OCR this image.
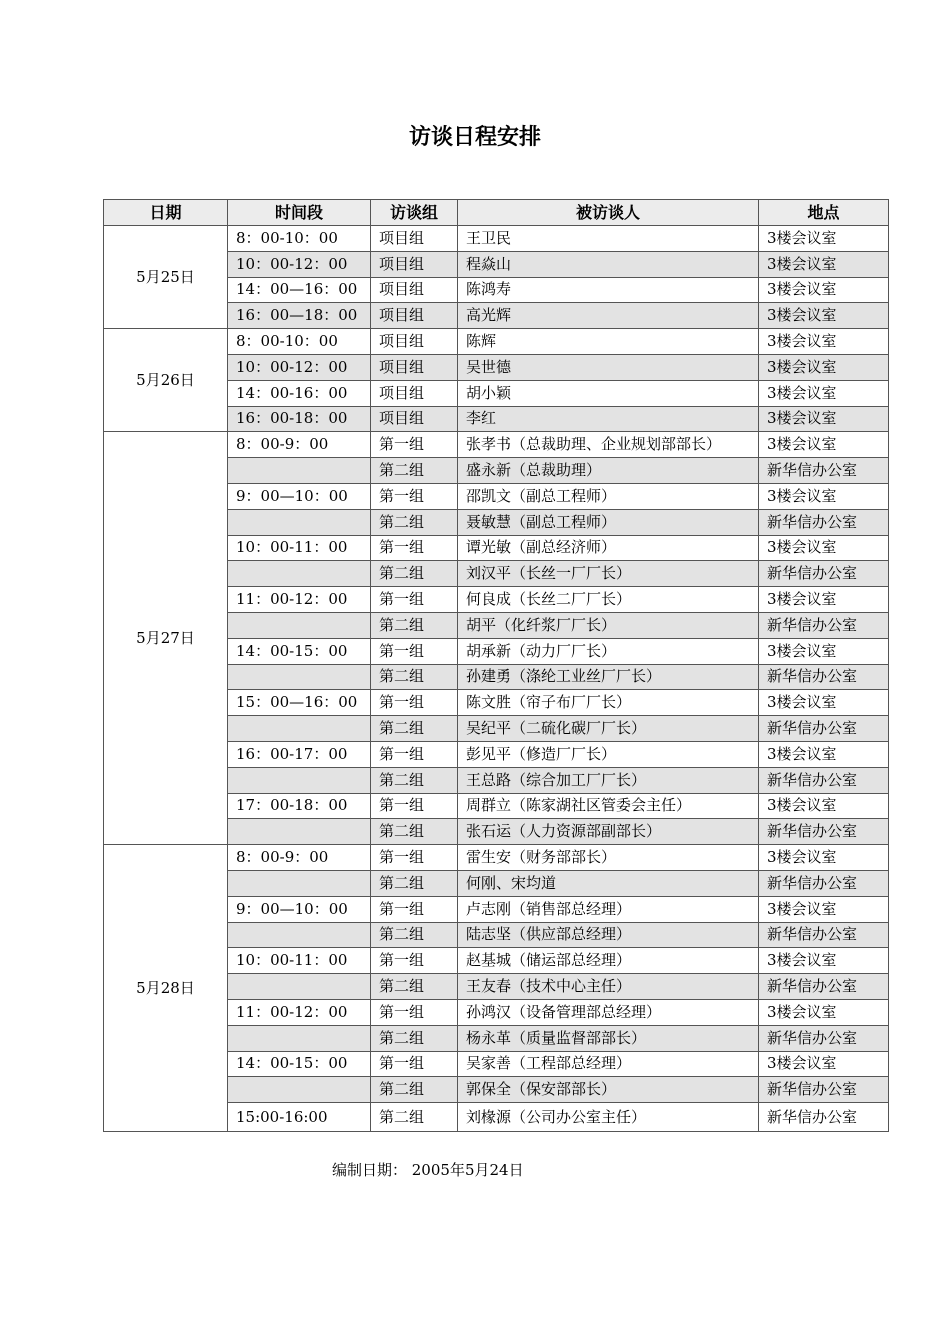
访谈日程安排
日期	时间段	访谈组	被访谈人	地点
5月25日	8：00-10：00	项目组	王卫民	3楼会议室
	10：00-12：00	项目组	程焱山	3楼会议室
	14：00—16：00	项目组	陈鸿寿	3楼会议室
	16：00—18：00	项目组	高光辉	3楼会议室
5月26日	8：00-10：00	项目组	陈辉	3楼会议室
	10：00-12：00	项目组	吴世德	3楼会议室
	14：00-16：00	项目组	胡小颖	3楼会议室
	16：00-18：00	项目组	李红	3楼会议室
5月27日	8：00-9：00	第一组	张孝书（总裁助理、企业规划部部长）	3楼会议室
		第二组	盛永新（总裁助理）	新华信办公室
	9：00—10：00	第一组	邵凯文（副总工程师）	3楼会议室
		第二组	聂敏慧（副总工程师）	新华信办公室
	10：00-11：00	第一组	谭光敏（副总经济师）	3楼会议室
		第二组	刘汉平（长丝一厂厂长）	新华信办公室
	11：00-12：00	第一组	何良成（长丝二厂厂长）	3楼会议室
		第二组	胡平（化纤浆厂厂长）	新华信办公室
	14：00-15：00	第一组	胡承新（动力厂厂长）	3楼会议室
		第二组	孙建勇（涤纶工业丝厂厂长）	新华信办公室
	15：00—16：00	第一组	陈文胜（帘子布厂厂长）	3楼会议室
		第二组	吴纪平（二硫化碳厂厂长）	新华信办公室
	16：00-17：00	第一组	彭见平（修造厂厂长）	3楼会议室
		第二组	王总路（综合加工厂厂长）	新华信办公室
	17：00-18：00	第一组	周群立（陈家湖社区管委会主任）	3楼会议室
		第二组	张石运（人力资源部副部长）	新华信办公室
5月28日	8：00-9：00	第一组	雷生安（财务部部长）	3楼会议室
		第二组	何刚、宋均道	新华信办公室
	9：00—10：00	第一组	卢志刚（销售部总经理）	3楼会议室
		第二组	陆志坚（供应部总经理）	新华信办公室
	10：00-11：00	第一组	赵基城（储运部总经理）	3楼会议室
		第二组	王友春（技术中心主任）	新华信办公室
	11：00-12：00	第一组	孙鸿汉（设备管理部总经理）	3楼会议室
		第二组	杨永革（质量监督部部长）	新华信办公室
	14：00-15：00	第一组	吴家善（工程部总经理）	3楼会议室
		第二组	郭保全（保安部部长）	新华信办公室
	15:00-16:00	第二组	刘椽源（公司办公室主任）	新华信办公室
编制日期： 2005年5月24日
